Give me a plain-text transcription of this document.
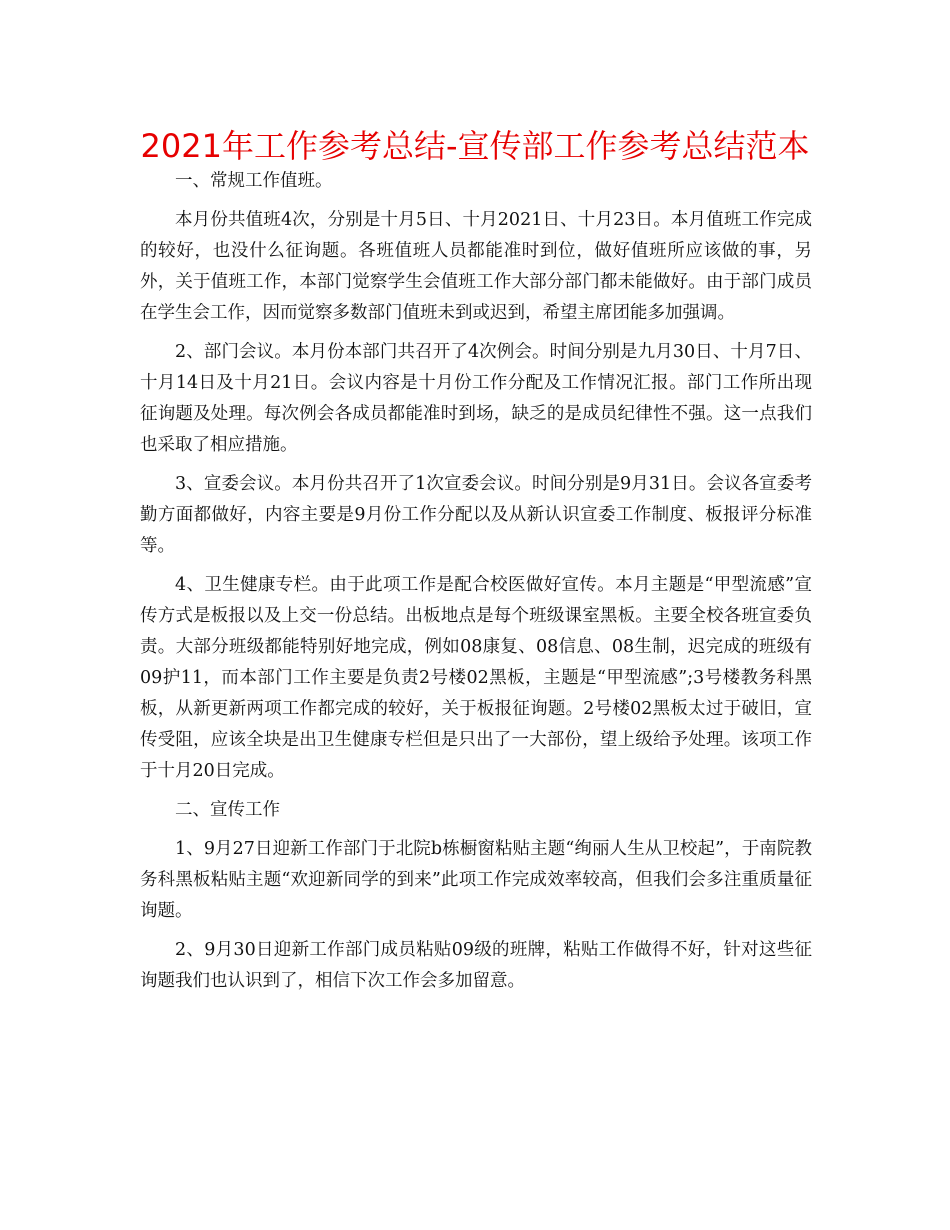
2021年工作参考总结-宣传部工作参考总结范本

一、常规工作值班。

本月份共值班4次，分别是十月5日、十月2021日、十月23日。本月值班工作完成的较好，也没什么征询题。各班值班人员都能准时到位，做好值班所应该做的事，另外，关于值班工作，本部门觉察学生会值班工作大部分部门都未能做好。由于部门成员在学生会工作，因而觉察多数部门值班未到或迟到，希望主席团能多加强调。

2、部门会议。本月份本部门共召开了4次例会。时间分别是九月30日、十月7日、十月14日及十月21日。会议内容是十月份工作分配及工作情况汇报。部门工作所出现征询题及处理。每次例会各成员都能准时到场，缺乏的是成员纪律性不强。这一点我们也采取了相应措施。

3、宣委会议。本月份共召开了1次宣委会议。时间分别是9月31日。会议各宣委考勤方面都做好，内容主要是9月份工作分配以及从新认识宣委工作制度、板报评分标准等。

4、卫生健康专栏。由于此项工作是配合校医做好宣传。本月主题是“甲型流感”宣传方式是板报以及上交一份总结。出板地点是每个班级课室黑板。主要全校各班宣委负责。大部分班级都能特别好地完成，例如08康复、08信息、08生制，迟完成的班级有09护11，而本部门工作主要是负责2号楼02黑板，主题是“甲型流感”;3号楼教务科黑板，从新更新两项工作都完成的较好，关于板报征询题。2号楼02黑板太过于破旧，宣传受阻，应该全块是出卫生健康专栏但是只出了一大部份，望上级给予处理。该项工作于十月20日完成。

二、宣传工作

1、9月27日迎新工作部门于北院b栋橱窗粘贴主题“绚丽人生从卫校起”，于南院教务科黑板粘贴主题“欢迎新同学的到来”此项工作完成效率较高，但我们会多注重质量征询题。

2、9月30日迎新工作部门成员粘贴09级的班牌，粘贴工作做得不好，针对这些征询题我们也认识到了，相信下次工作会多加留意。
